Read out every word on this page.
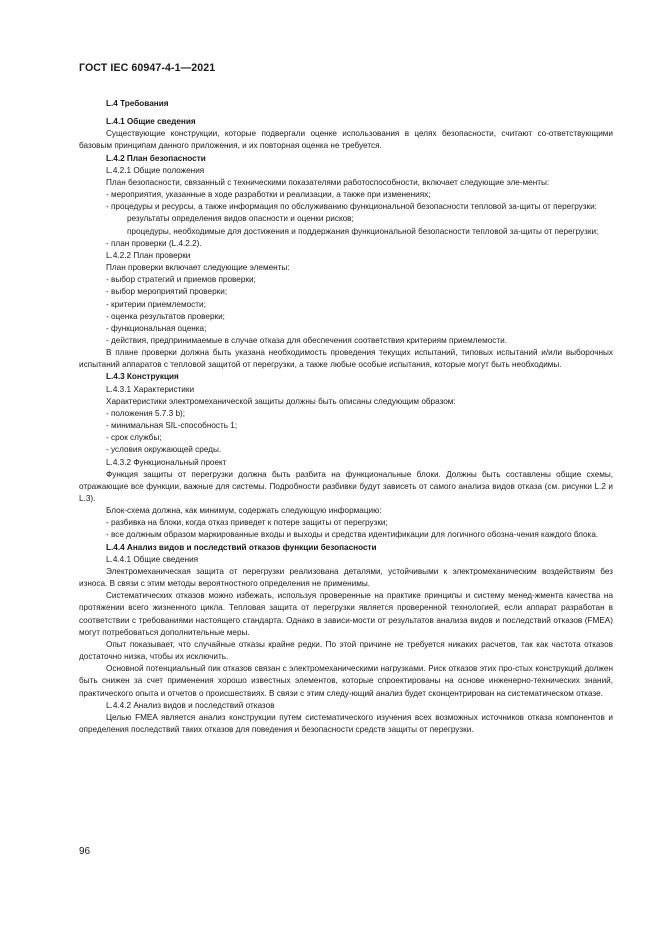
ГОСТ IEC 60947-4-1—2021

L.4 Требования

L.4.1 Общие сведения

Существующие конструкции, которые подвергали оценке использования в целях безопасности, считают со-ответствующими базовым принципам данного приложения, и их повторная оценка не требуется.

L.4.2 План безопасности

L.4.2.1 Общие положения

План безопасности, связанный с техническими показателями работоспособности, включает следующие эле-менты:

- мероприятия, указанные в ходе разработки и реализации, а также при изменениях;

- процедуры и ресурсы, а также информация по обслуживанию функциональной безопасности тепловой за-щиты от перегрузки:

результаты определения видов опасности и оценки рисков;

процедуры, необходимые для достижения и поддержания функциональной безопасности тепловой за-щиты от перегрузки;

- план проверки (L.4.2.2).

L.4.2.2 План проверки

План проверки включает следующие элементы:

- выбор стратегий и приемов проверки;

- выбор мероприятий проверки;

- критерии приемлемости;

- оценка результатов проверки;

- функциональная оценка;

- действия, предпринимаемые в случае отказа для обеспечения соответствия критериям приемлемости.

В плане проверки должна быть указана необходимость проведения текущих испытаний, типовых испытаний и/или выборочных испытаний аппаратов с тепловой защитой от перегрузки, а также любые особые испытания, которые могут быть необходимы.

L.4.3 Конструкция

L.4.3.1 Характеристики

Характеристики электромеханической защиты должны быть описаны следующим образом:

- положения 5.7.3 b);

- минимальная SIL-способность 1;

- срок службы;

- условия окружающей среды.

L.4.3.2 Функциональный проект

Функция защиты от перегрузки должна быть разбита на функциональные блоки. Должны быть составлены общие схемы, отражающие все функции, важные для системы. Подробности разбивки будут зависеть от самого анализа видов отказа (см. рисунки L.2 и L.3).

Блок-схема должна, как минимум, содержать следующую информацию:

- разбивка на блоки, когда отказ приведет к потере защиты от перегрузки;

- все должным образом маркированные входы и выходы и средства идентификации для логичного обозна-чения каждого блока.

L.4.4 Анализ видов и последствий отказов функции безопасности

L.4.4.1 Общие сведения

Электромеханическая защита от перегрузки реализована деталями, устойчивыми к электромеханическим воздействиям без износа. В связи с этим методы вероятностного определения не применимы.

Систематических отказов можно избежать, используя проверенные на практике принципы и систему менед-жмента качества на протяжении всего жизненного цикла. Тепловая защита от перегрузки является проверенной технологией, если аппарат разработан в соответствии с требованиями настоящего стандарта. Однако в зависи-мости от результатов анализа видов и последствий отказов (FMEA) могут потребоваться дополнительные меры.

Опыт показывает, что случайные отказы крайне редки. По этой причине не требуется никаких расчетов, так как частота отказов достаточно низка, чтобы их исключить.

Основной потенциальный пик отказов связан с электромеханическими нагрузками. Риск отказов этих про-стых конструкций должен быть снижен за счет применения хорошо известных элементов, которые спроектированы на основе инженерно-технических знаний, практического опыта и отчетов о происшествиях. В связи с этим следу-ющий анализ будет сконцентрирован на систематическом отказе.

L.4.4.2 Анализ видов и последствий отказов

Целью FMEA является анализ конструкции путем систематического изучения всех возможных источников отказа компонентов и определения последствий таких отказов для поведения и безопасности средств защиты от перегрузки.

96
